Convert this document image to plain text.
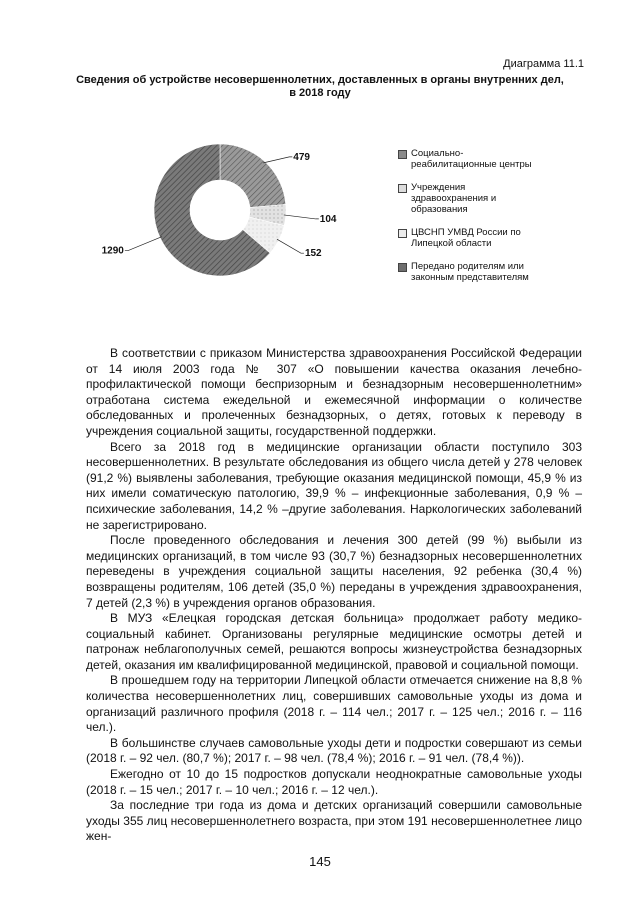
Диаграмма 11.1
Сведения об устройстве несовершеннолетних, доставленных в органы внутренних дел,
в 2018 году
479
104
152
1290
Социально-
реабилитационные центры
Учреждения
здравоохранения и
образования
ЦВСНП УМВД России по
Липецкой области
Передано родителям или
законным представителям

В соответствии с приказом Министерства здравоохранения Российской Федерации от 14 июля 2003 года № 307 «О повышении качества оказания лечебно-профилактической помощи беспризорным и безнадзорным несовершеннолетним» отработана система ежедельной и ежемесячной информации о количестве обследованных и пролеченных безнадзорных, о детях, готовых к переводу в учреждения социальной защиты, государственной поддержки.

Всего за 2018 год в медицинские организации области поступило 303 несовершеннолетних. В результате обследования из общего числа детей у 278 человек (91,2 %) выявлены заболевания, требующие оказания медицинской помощи, 45,9 % из них имели соматическую патологию, 39,9 % – инфекционные заболевания, 0,9 % – психические заболевания, 14,2 % –другие заболевания. Наркологических заболеваний не зарегистрировано.

После проведенного обследования и лечения 300 детей (99 %) выбыли из медицинских организаций, в том числе 93 (30,7 %) безнадзорных несовершеннолетних переведены в учреждения социальной защиты населения, 92 ребенка (30,4 %) возвращены родителям, 106 детей (35,0 %) переданы в учреждения здравоохранения, 7 детей (2,3 %) в учреждения органов образования.

В МУЗ «Елецкая городская детская больница» продолжает работу медико-социальный кабинет. Организованы регулярные медицинские осмотры детей и патронаж неблагополучных семей, решаются вопросы жизнеустройства безнадзорных детей, оказания им квалифицированной медицинской, правовой и социальной помощи.

В прошедшем году на территории Липецкой области отмечается снижение на 8,8 % количества несовершеннолетних лиц, совершивших самовольные уходы из дома и организаций различного профиля (2018 г. – 114 чел.; 2017 г. – 125 чел.; 2016 г. – 116 чел.).

В большинстве случаев самовольные уходы дети и подростки совершают из семьи (2018 г. – 92 чел. (80,7 %); 2017 г. – 98 чел. (78,4 %); 2016 г. – 91 чел. (78,4 %)).

Ежегодно от 10 до 15 подростков допускали неоднократные самовольные уходы (2018 г. – 15 чел.; 2017 г. – 10 чел.; 2016 г. – 12 чел.).

За последние три года из дома и детских организаций совершили самовольные уходы 355 лиц несовершеннолетнего возраста, при этом 191 несовершеннолетнее лицо жен-

145
